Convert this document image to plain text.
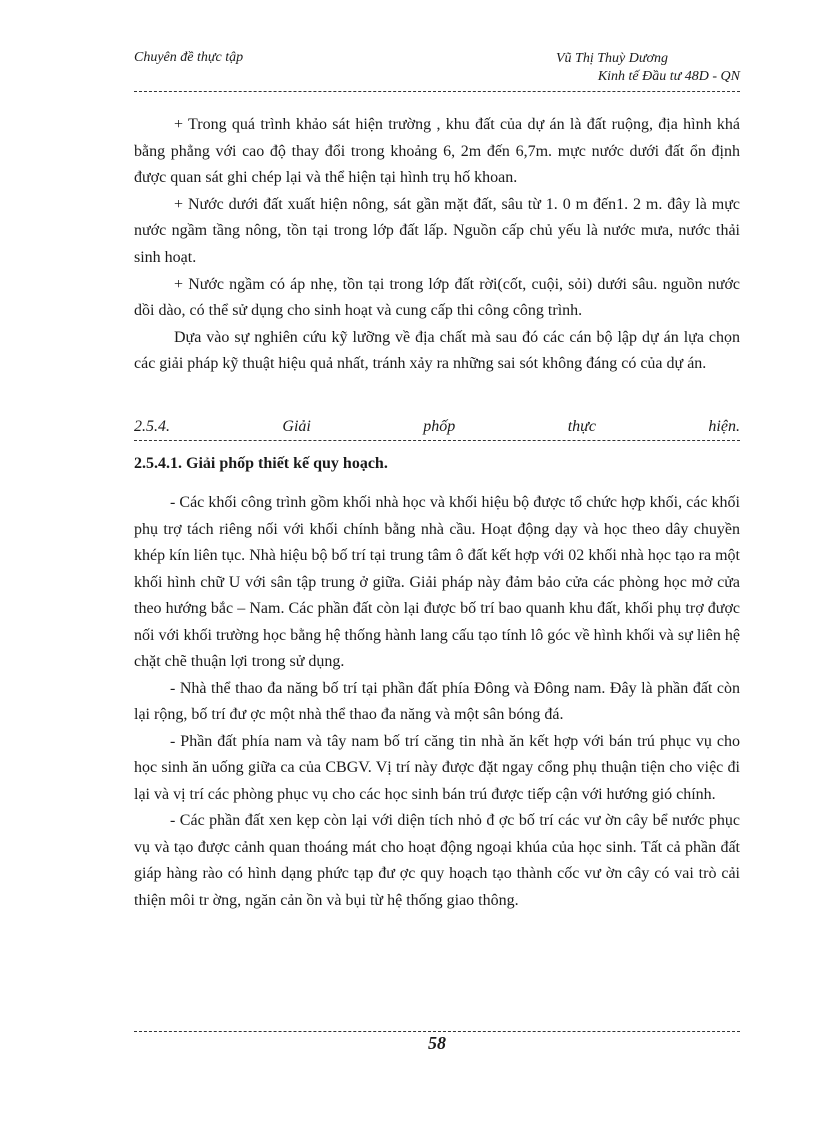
Chuyên đề thực tập	Vũ Thị Thuỳ Dương
Kinh tế Đầu tư 48D - QN

+ Trong quá trình khảo sát hiện trường , khu đất của dự án là đất ruộng, địa hình khá bằng phẳng với cao độ thay đổi trong khoảng 6, 2m đến 6,7m. mực nước dưới đất ổn định được quan sát ghi chép lại và thể hiện tại hình trụ hố khoan.

+ Nước dưới đất xuất hiện nông, sát gần mặt đất, sâu từ 1. 0 m đến1. 2 m. đây là mực nước ngầm tầng nông, tồn tại trong lớp đất lấp. Nguồn cấp chủ yếu là nước mưa, nước thải sinh hoạt.

+ Nước ngầm có áp nhẹ, tồn tại trong lớp đất rời(cốt, cuội, sỏi) dưới sâu. nguồn nước dồi dào, có thể sử dụng cho sinh hoạt và cung cấp thi công công trình.

Dựa vào sự nghiên cứu kỹ lưỡng về địa chất mà sau đó các cán bộ lập dự án lựa chọn các giải pháp kỹ thuật hiệu quả nhất, tránh xảy ra những sai sót không đáng có của dự án.

2.5.4.	Giải	phốp	thực	hiện.
2.5.4.1. Giải phốp thiết kế quy hoạch.

- Các khối công trình gồm khối nhà học và khối hiệu bộ được tổ chức hợp khối, các khối phụ trợ tách riêng nối với khối chính bằng nhà cầu. Hoạt động dạy và học theo dây chuyền khép kín liên tục. Nhà hiệu bộ bố trí tại trung tâm ô đất kết hợp với 02 khối nhà học tạo ra một khối hình chữ U với sân tập trung ở giữa. Giải pháp này đảm bảo cửa các phòng học mở cửa theo hướng bắc – Nam. Các phần đất còn lại được bố trí bao quanh khu đất, khối phụ trợ được nối với khối trường học bằng hệ thống hành lang cấu tạo tính lô góc về hình khối và sự liên hệ chặt chẽ thuận lợi trong sử dụng.

- Nhà thể thao đa năng bố trí tại phần đất phía Đông và Đông nam. Đây là phần đất còn lại rộng, bố trí đư ợc một nhà thể thao đa năng và một sân bóng đá.

- Phần đất phía nam và tây nam bố trí căng tin nhà ăn kết hợp với bán trú phục vụ cho học sinh ăn uống giữa ca của CBGV. Vị trí này được đặt ngay cổng phụ thuận tiện cho việc đi lại và vị trí các phòng phục vụ cho các học sinh bán trú được tiếp cận với hướng gió chính.

- Các phần đất xen kẹp còn lại với diện tích nhỏ đ ợc bố trí các vư ờn cây bể nước phục vụ và tạo được cảnh quan thoáng mát cho hoạt động ngoại khúa của học sinh. Tất cả phần đất giáp hàng rào có hình dạng phức tạp đư ợc quy hoạch tạo thành cốc vư ờn cây có vai trò cải thiện môi tr ờng, ngăn cản ồn và bụi từ hệ thống giao thông.

58
